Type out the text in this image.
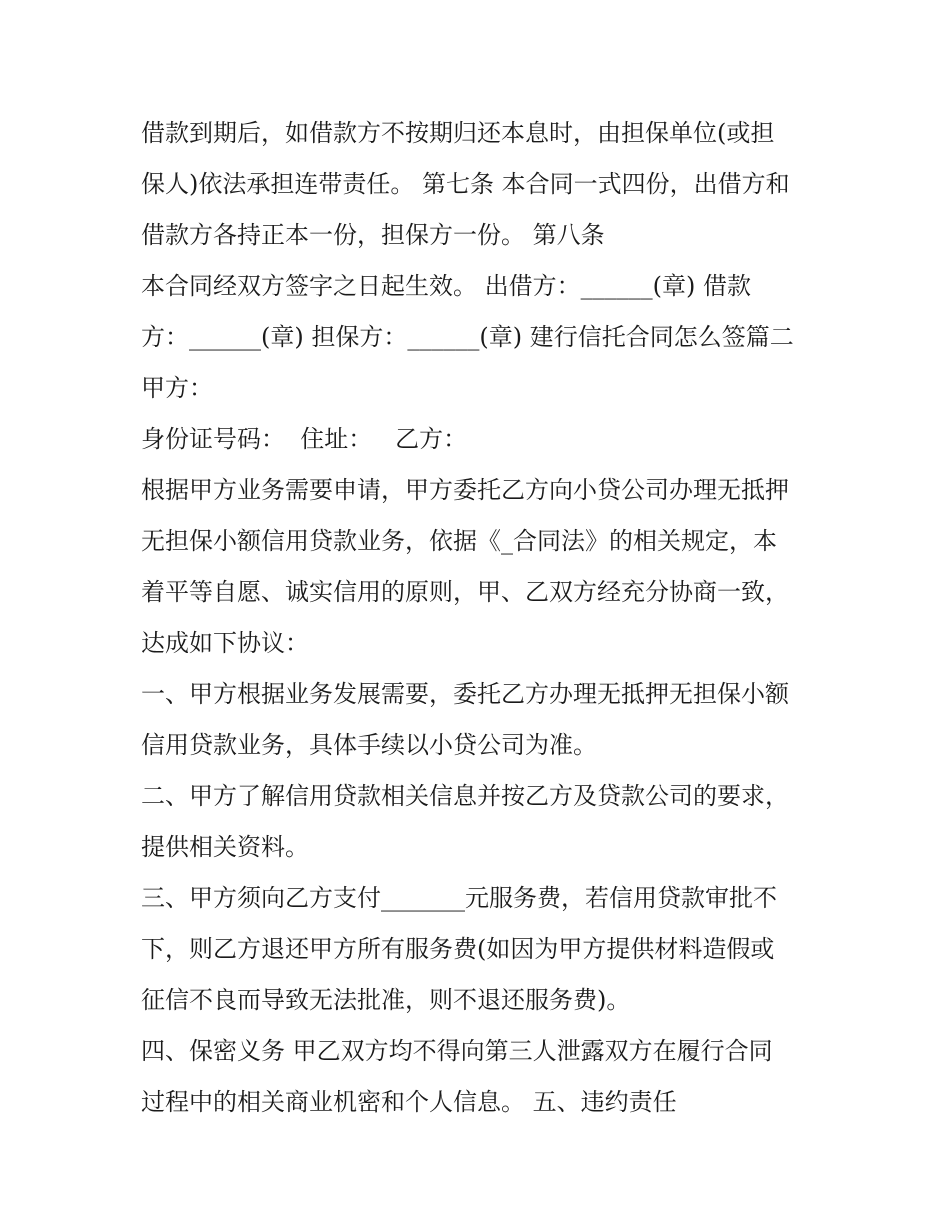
借款到期后，如借款方不按期归还本息时，由担保单位(或担
保人)依法承担连带责任。 第七条 本合同一式四份，出借方和
借款方各持正本一份，担保方一份。 第八条
本合同经双方签字之日起生效。 出借方：______(章) 借款
方：______(章) 担保方：______(章) 建行信托合同怎么签篇二
甲方：
身份证号码：  住址：   乙方：
根据甲方业务需要申请，甲方委托乙方向小贷公司办理无抵押
无担保小额信用贷款业务，依据《_合同法》的相关规定，本
着平等自愿、诚实信用的原则，甲、乙双方经充分协商一致，
达成如下协议：
一、甲方根据业务发展需要，委托乙方办理无抵押无担保小额
信用贷款业务，具体手续以小贷公司为准。
二、甲方了解信用贷款相关信息并按乙方及贷款公司的要求，
提供相关资料。
三、甲方须向乙方支付_______元服务费，若信用贷款审批不
下，则乙方退还甲方所有服务费(如因为甲方提供材料造假或
征信不良而导致无法批准，则不退还服务费)。
四、保密义务 甲乙双方均不得向第三人泄露双方在履行合同
过程中的相关商业机密和个人信息。 五、违约责任
